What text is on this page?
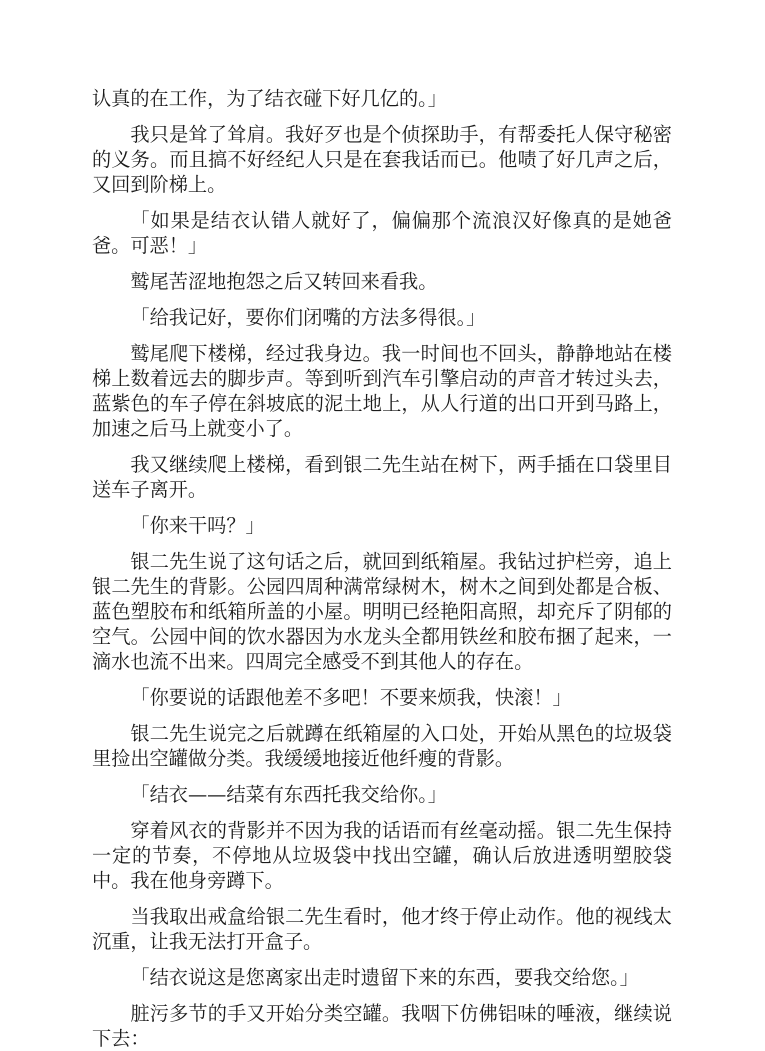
认真的在工作，为了结衣碰下好几亿的。」

我只是耸了耸肩。我好歹也是个侦探助手，有帮委托人保守秘密的义务。而且搞不好经纪人只是在套我话而已。他啧了好几声之后，又回到阶梯上。

「如果是结衣认错人就好了，偏偏那个流浪汉好像真的是她爸爸。可恶！」

鹫尾苦涩地抱怨之后又转回来看我。

「给我记好，要你们闭嘴的方法多得很。」

鹫尾爬下楼梯，经过我身边。我一时间也不回头，静静地站在楼梯上数着远去的脚步声。等到听到汽车引擎启动的声音才转过头去，蓝紫色的车子停在斜坡底的泥土地上，从人行道的出口开到马路上，加速之后马上就变小了。

我又继续爬上楼梯，看到银二先生站在树下，两手插在口袋里目送车子离开。

「你来干吗？」

银二先生说了这句话之后，就回到纸箱屋。我钻过护栏旁，追上银二先生的背影。公园四周种满常绿树木，树木之间到处都是合板、蓝色塑胶布和纸箱所盖的小屋。明明已经艳阳高照，却充斥了阴郁的空气。公园中间的饮水器因为水龙头全都用铁丝和胶布捆了起来，一滴水也流不出来。四周完全感受不到其他人的存在。

「你要说的话跟他差不多吧！不要来烦我，快滚！」

银二先生说完之后就蹲在纸箱屋的入口处，开始从黑色的垃圾袋里捡出空罐做分类。我缓缓地接近他纤瘦的背影。

「结衣——结菜有东西托我交给你。」

穿着风衣的背影并不因为我的话语而有丝毫动摇。银二先生保持一定的节奏，不停地从垃圾袋中找出空罐，确认后放进透明塑胶袋中。我在他身旁蹲下。

当我取出戒盒给银二先生看时，他才终于停止动作。他的视线太沉重，让我无法打开盒子。

「结衣说这是您离家出走时遗留下来的东西，要我交给您。」

脏污多节的手又开始分类空罐。我咽下仿佛铝味的唾液，继续说下去：
